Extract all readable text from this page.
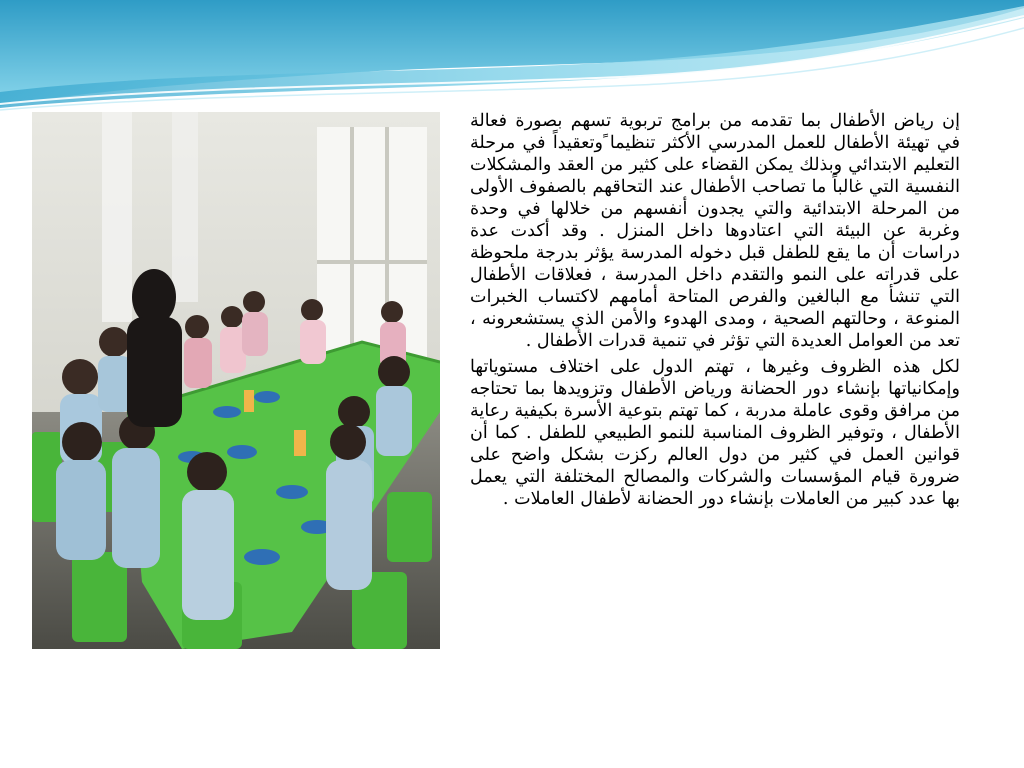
إن رياض الأطفال بما تقدمه من برامج تربوية تسهم بصورة فعالة في تهيئة الأطفال للعمل المدرسي الأكثر تنظيما ًوتعقيداً في مرحلة التعليم الابتدائي وبذلك يمكن القضاء على كثير من العقد والمشكلات النفسية التي غالباً ما تصاحب الأطفال عند التحاقهم بالصفوف الأولى من المرحلة الابتدائية والتي يجدون أنفسهم من خلالها في وحدة وغربة عن البيئة التي اعتادوها داخل المنزل . وقد أكدت عدة دراسات أن ما يقع للطفل قبل دخوله المدرسة يؤثر بدرجة ملحوظة على قدراته على النمو والتقدم داخل المدرسة ، فعلاقات الأطفال التي تنشأ مع البالغين والفرص المتاحة أمامهم لاكتساب الخبرات المنوعة ، وحالتهم الصحية ، ومدى الهدوء والأمن الذي يستشعرونه ، تعد من العوامل العديدة التي تؤثر في تنمية قدرات الأطفال .

لكل هذه الظروف وغيرها ، تهتم الدول على اختلاف مستوياتها وإمكانياتها بإنشاء دور الحضانة ورياض الأطفال وتزويدها بما تحتاجه من مرافق وقوى عاملة مدربة ، كما تهتم بتوعية الأسرة بكيفية رعاية الأطفال ، وتوفير الظروف المناسبة للنمو الطبيعي للطفل . كما أن قوانين العمل في كثير من دول العالم ركزت بشكل واضح على ضرورة قيام المؤسسات والشركات والمصالح المختلفة التي يعمل بها عدد كبير من العاملات بإنشاء دور الحضانة لأطفال العاملات .
